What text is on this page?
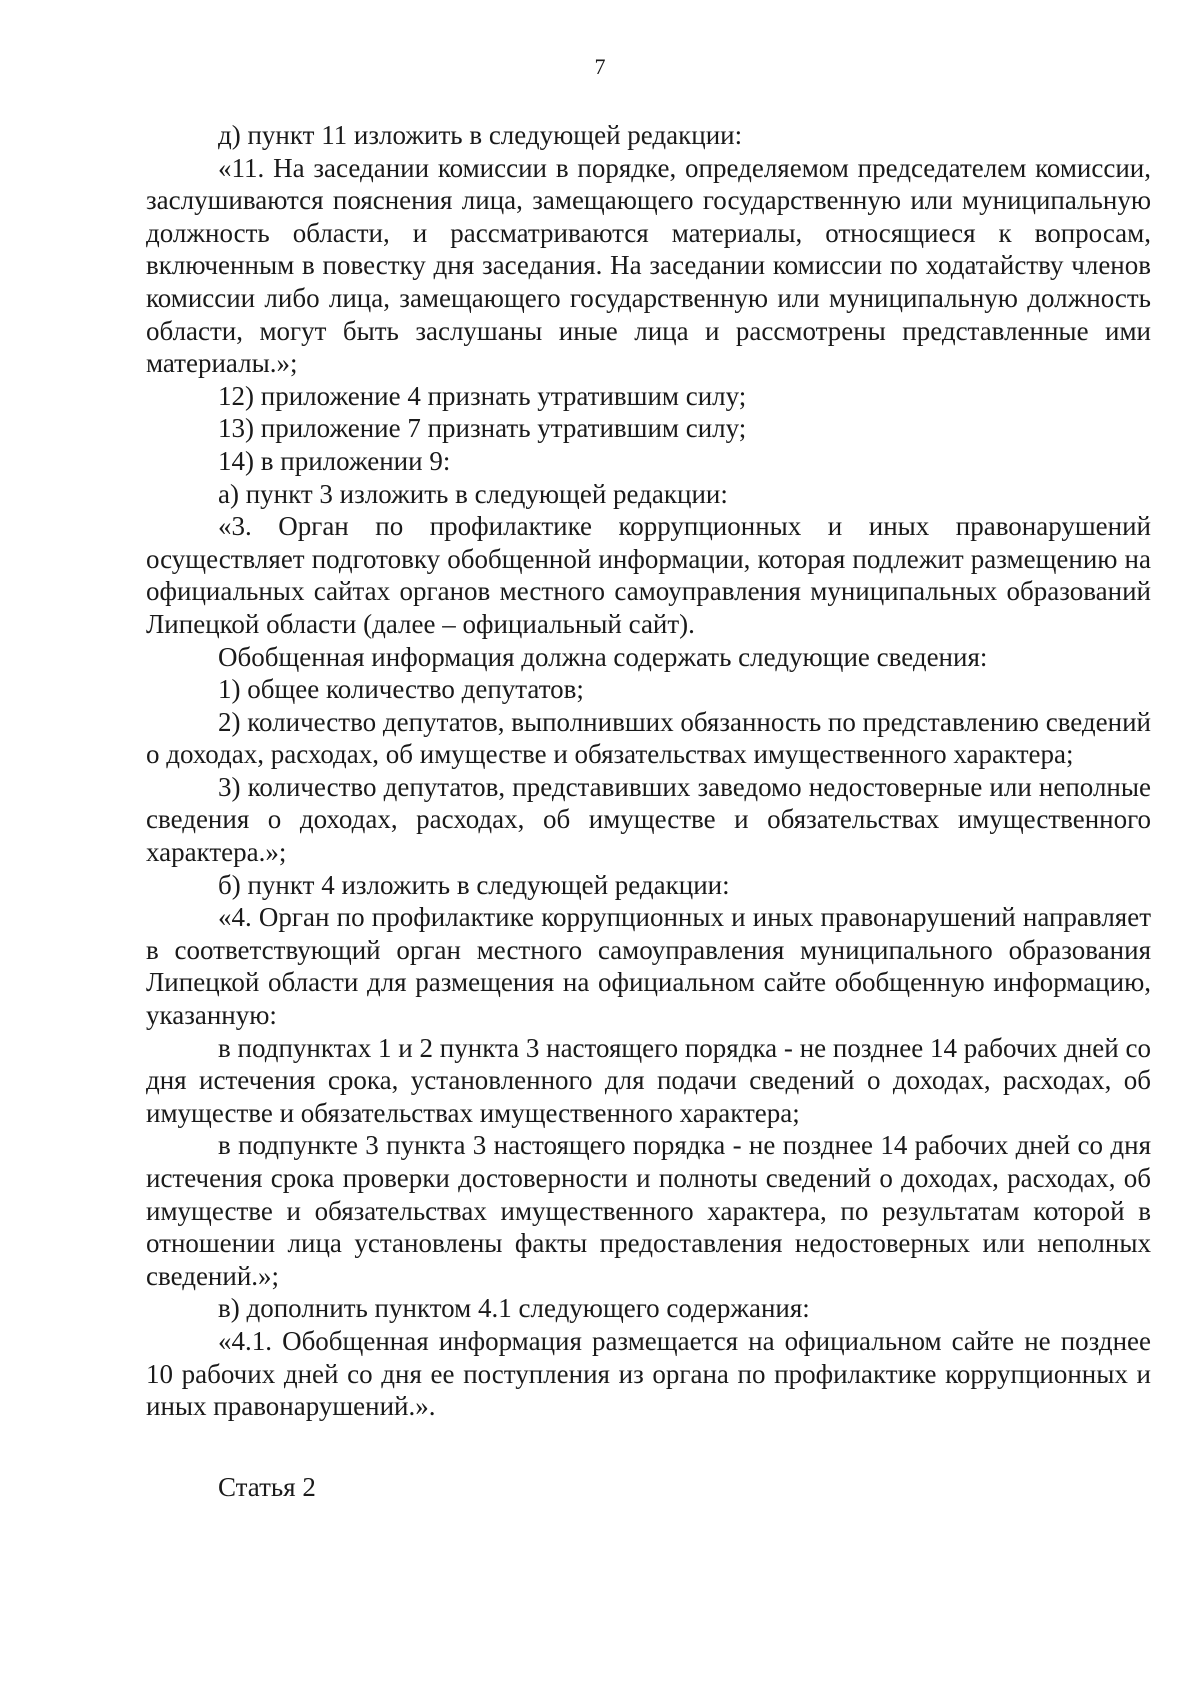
7

д) пункт 11 изложить в следующей редакции:

«11. На заседании комиссии в порядке, определяемом председателем комиссии, заслушиваются пояснения лица, замещающего государственную или муниципальную должность области, и рассматриваются материалы, относящиеся к вопросам, включенным в повестку дня заседания. На заседании комиссии по ходатайству членов комиссии либо лица, замещающего государственную или муниципальную должность области, могут быть заслушаны иные лица и рассмотрены представленные ими материалы.»;

12) приложение 4 признать утратившим силу;

13) приложение 7 признать утратившим силу;

14) в приложении 9:

а) пункт 3 изложить в следующей редакции:

«3. Орган по профилактике коррупционных и иных правонарушений осуществляет подготовку обобщенной информации, которая подлежит размещению на официальных сайтах органов местного самоуправления муниципальных образований Липецкой области (далее – официальный сайт).

Обобщенная информация должна содержать следующие сведения:

1) общее количество депутатов;

2) количество депутатов, выполнивших обязанность по представлению сведений о доходах, расходах, об имуществе и обязательствах имущественного характера;

3) количество депутатов, представивших заведомо недостоверные или неполные сведения о доходах, расходах, об имуществе и обязательствах имущественного характера.»;

б) пункт 4 изложить в следующей редакции:

«4. Орган по профилактике коррупционных и иных правонарушений направляет в соответствующий орган местного самоуправления муниципального образования Липецкой области для размещения на официальном сайте обобщенную информацию, указанную:

в подпунктах 1 и 2 пункта 3 настоящего порядка - не позднее 14 рабочих дней со дня истечения срока, установленного для подачи сведений о доходах, расходах, об имуществе и обязательствах имущественного характера;

в подпункте 3 пункта 3 настоящего порядка - не позднее 14 рабочих дней со дня истечения срока проверки достоверности и полноты сведений о доходах, расходах, об имуществе и обязательствах имущественного характера, по результатам которой в отношении лица установлены факты предоставления недостоверных или неполных сведений.»;

в) дополнить пунктом 4.1 следующего содержания:

«4.1. Обобщенная информация размещается на официальном сайте не позднее 10 рабочих дней со дня ее поступления из органа по профилактике коррупционных и иных правонарушений.».

Статья 2
